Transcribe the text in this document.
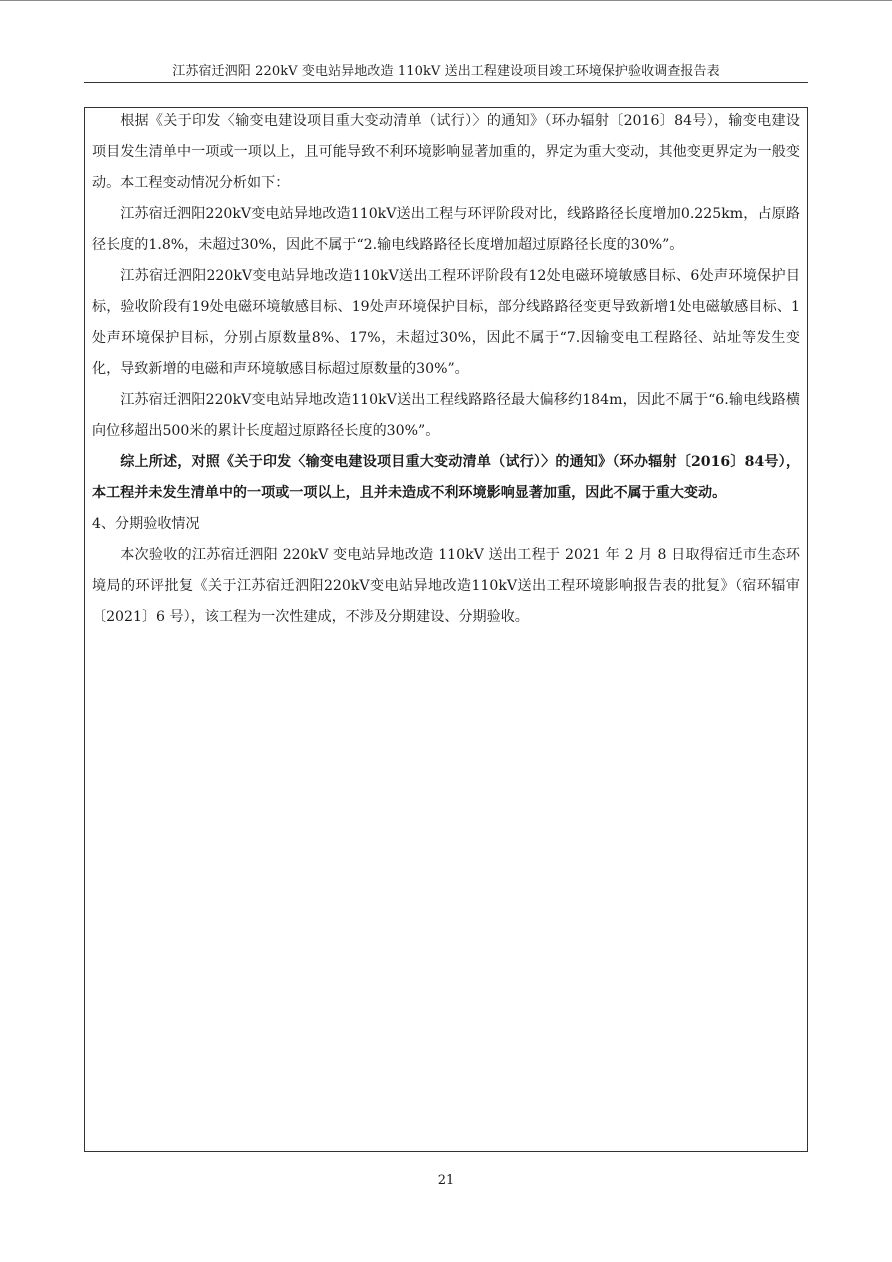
江苏宿迁泗阳 220kV 变电站异地改造 110kV 送出工程建设项目竣工环境保护验收调查报告表

根据《关于印发〈输变电建设项目重大变动清单（试行）〉的通知》（环办辐射〔2016〕84号），输变电建设项目发生清单中一项或一项以上，且可能导致不利环境影响显著加重的，界定为重大变动，其他变更界定为一般变动。本工程变动情况分析如下：

江苏宿迁泗阳220kV变电站异地改造110kV送出工程与环评阶段对比，线路路径长度增加0.225km，占原路径长度的1.8%，未超过30%，因此不属于“2.输电线路路径长度增加超过原路径长度的30%”。

江苏宿迁泗阳220kV变电站异地改造110kV送出工程环评阶段有12处电磁环境敏感目标、6处声环境保护目标，验收阶段有19处电磁环境敏感目标、19处声环境保护目标，部分线路路径变更导致新增1处电磁敏感目标、1处声环境保护目标，分别占原数量8%、17%，未超过30%，因此不属于“7.因输变电工程路径、站址等发生变化，导致新增的电磁和声环境敏感目标超过原数量的30%”。

江苏宿迁泗阳220kV变电站异地改造110kV送出工程线路路径最大偏移约184m，因此不属于“6.输电线路横向位移超出500米的累计长度超过原路径长度的30%”。

综上所述，对照《关于印发〈输变电建设项目重大变动清单（试行）〉的通知》（环办辐射〔2016〕84号），本工程并未发生清单中的一项或一项以上，且并未造成不利环境影响显著加重，因此不属于重大变动。

4、分期验收情况

本次验收的江苏宿迁泗阳 220kV 变电站异地改造 110kV 送出工程于 2021 年 2 月 8 日取得宿迁市生态环境局的环评批复《关于江苏宿迁泗阳220kV变电站异地改造110kV送出工程环境影响报告表的批复》（宿环辐审〔2021〕6 号），该工程为一次性建成，不涉及分期建设、分期验收。

21
